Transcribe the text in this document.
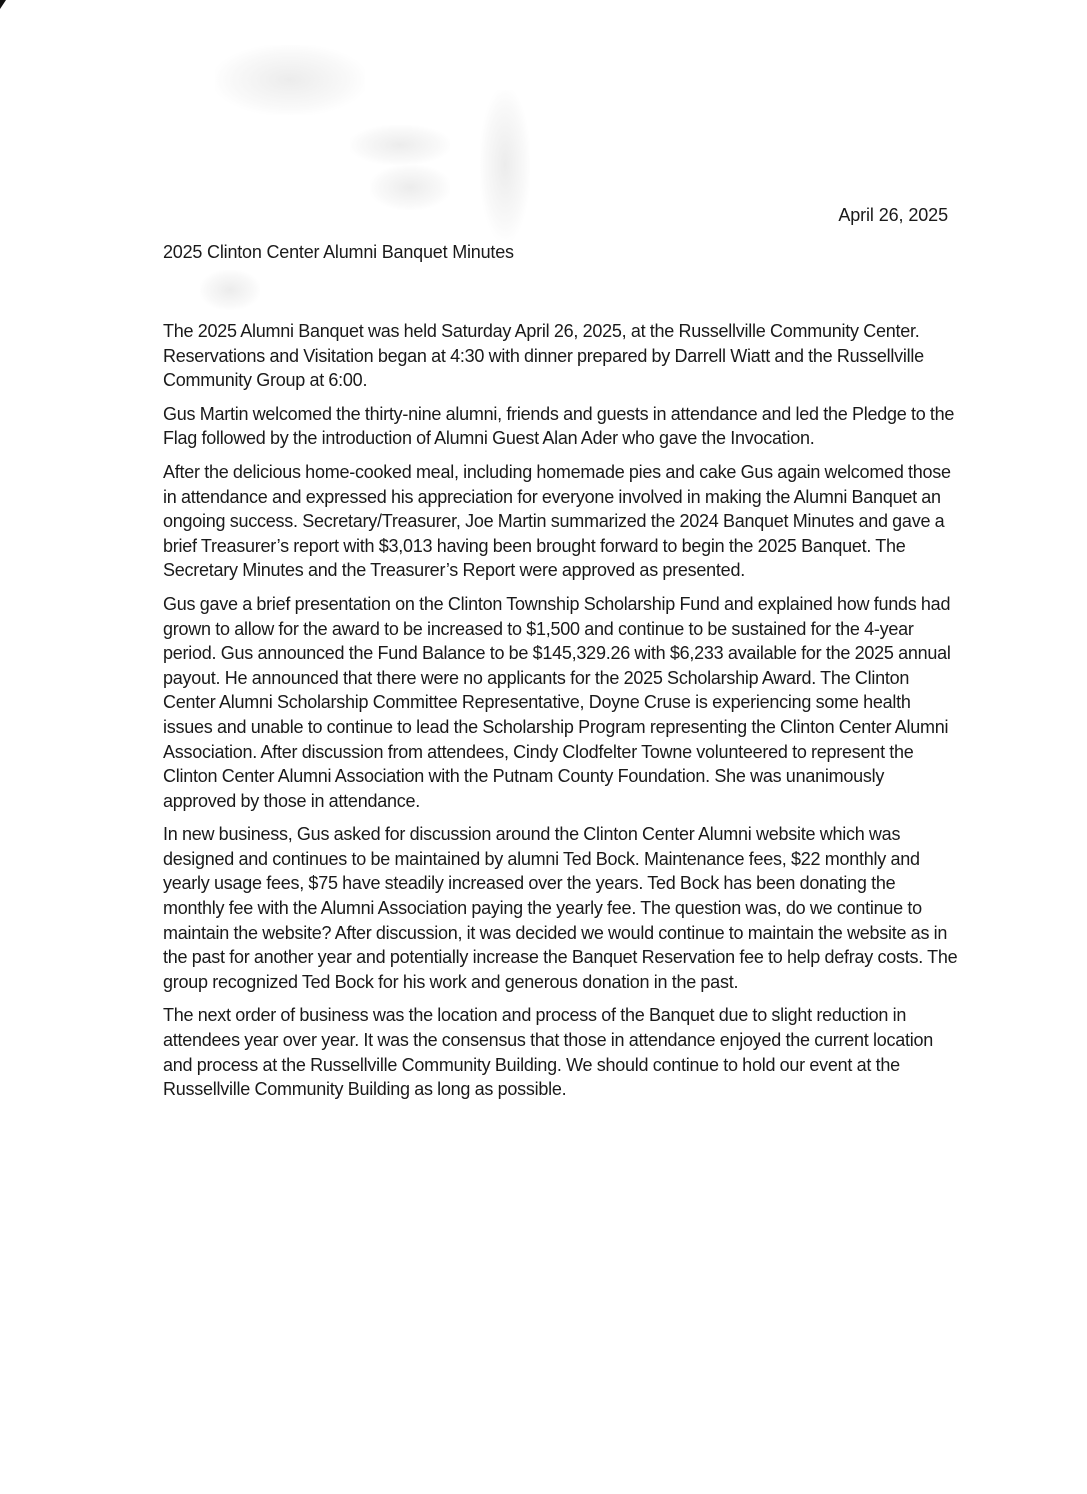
April 26, 2025
2025 Clinton Center Alumni Banquet Minutes

The 2025 Alumni Banquet was held Saturday April 26, 2025, at the Russellville Community Center. Reservations and Visitation began at 4:30 with dinner prepared by Darrell Wiatt and the Russellville Community Group at 6:00.

Gus Martin welcomed the thirty-nine alumni, friends and guests in attendance and led the Pledge to the Flag followed by the introduction of Alumni Guest Alan Ader who gave the Invocation.

After the delicious home-cooked meal, including homemade pies and cake Gus again welcomed those in attendance and expressed his appreciation for everyone involved in making the Alumni Banquet an ongoing success. Secretary/Treasurer, Joe Martin summarized the 2024 Banquet Minutes and gave a brief Treasurer’s report with $3,013 having been brought forward to begin the 2025 Banquet. The Secretary Minutes and the Treasurer’s Report were approved as presented.

Gus gave a brief presentation on the Clinton Township Scholarship Fund and explained how funds had grown to allow for the award to be increased to $1,500 and continue to be sustained for the 4-year period. Gus announced the Fund Balance to be $145,329.26 with $6,233 available for the 2025 annual payout. He announced that there were no applicants for the 2025 Scholarship Award. The Clinton Center Alumni Scholarship Committee Representative, Doyne Cruse is experiencing some health issues and unable to continue to lead the Scholarship Program representing the Clinton Center Alumni Association. After discussion from attendees, Cindy Clodfelter Towne volunteered to represent the Clinton Center Alumni Association with the Putnam County Foundation. She was unanimously approved by those in attendance.

In new business, Gus asked for discussion around the Clinton Center Alumni website which was designed and continues to be maintained by alumni Ted Bock. Maintenance fees, $22 monthly and yearly usage fees, $75 have steadily increased over the years. Ted Bock has been donating the monthly fee with the Alumni Association paying the yearly fee. The question was, do we continue to maintain the website? After discussion, it was decided we would continue to maintain the website as in the past for another year and potentially increase the Banquet Reservation fee to help defray costs. The group recognized Ted Bock for his work and generous donation in the past.

The next order of business was the location and process of the Banquet due to slight reduction in attendees year over year. It was the consensus that those in attendance enjoyed the current location and process at the Russellville Community Building. We should continue to hold our event at the Russellville Community Building as long as possible.
